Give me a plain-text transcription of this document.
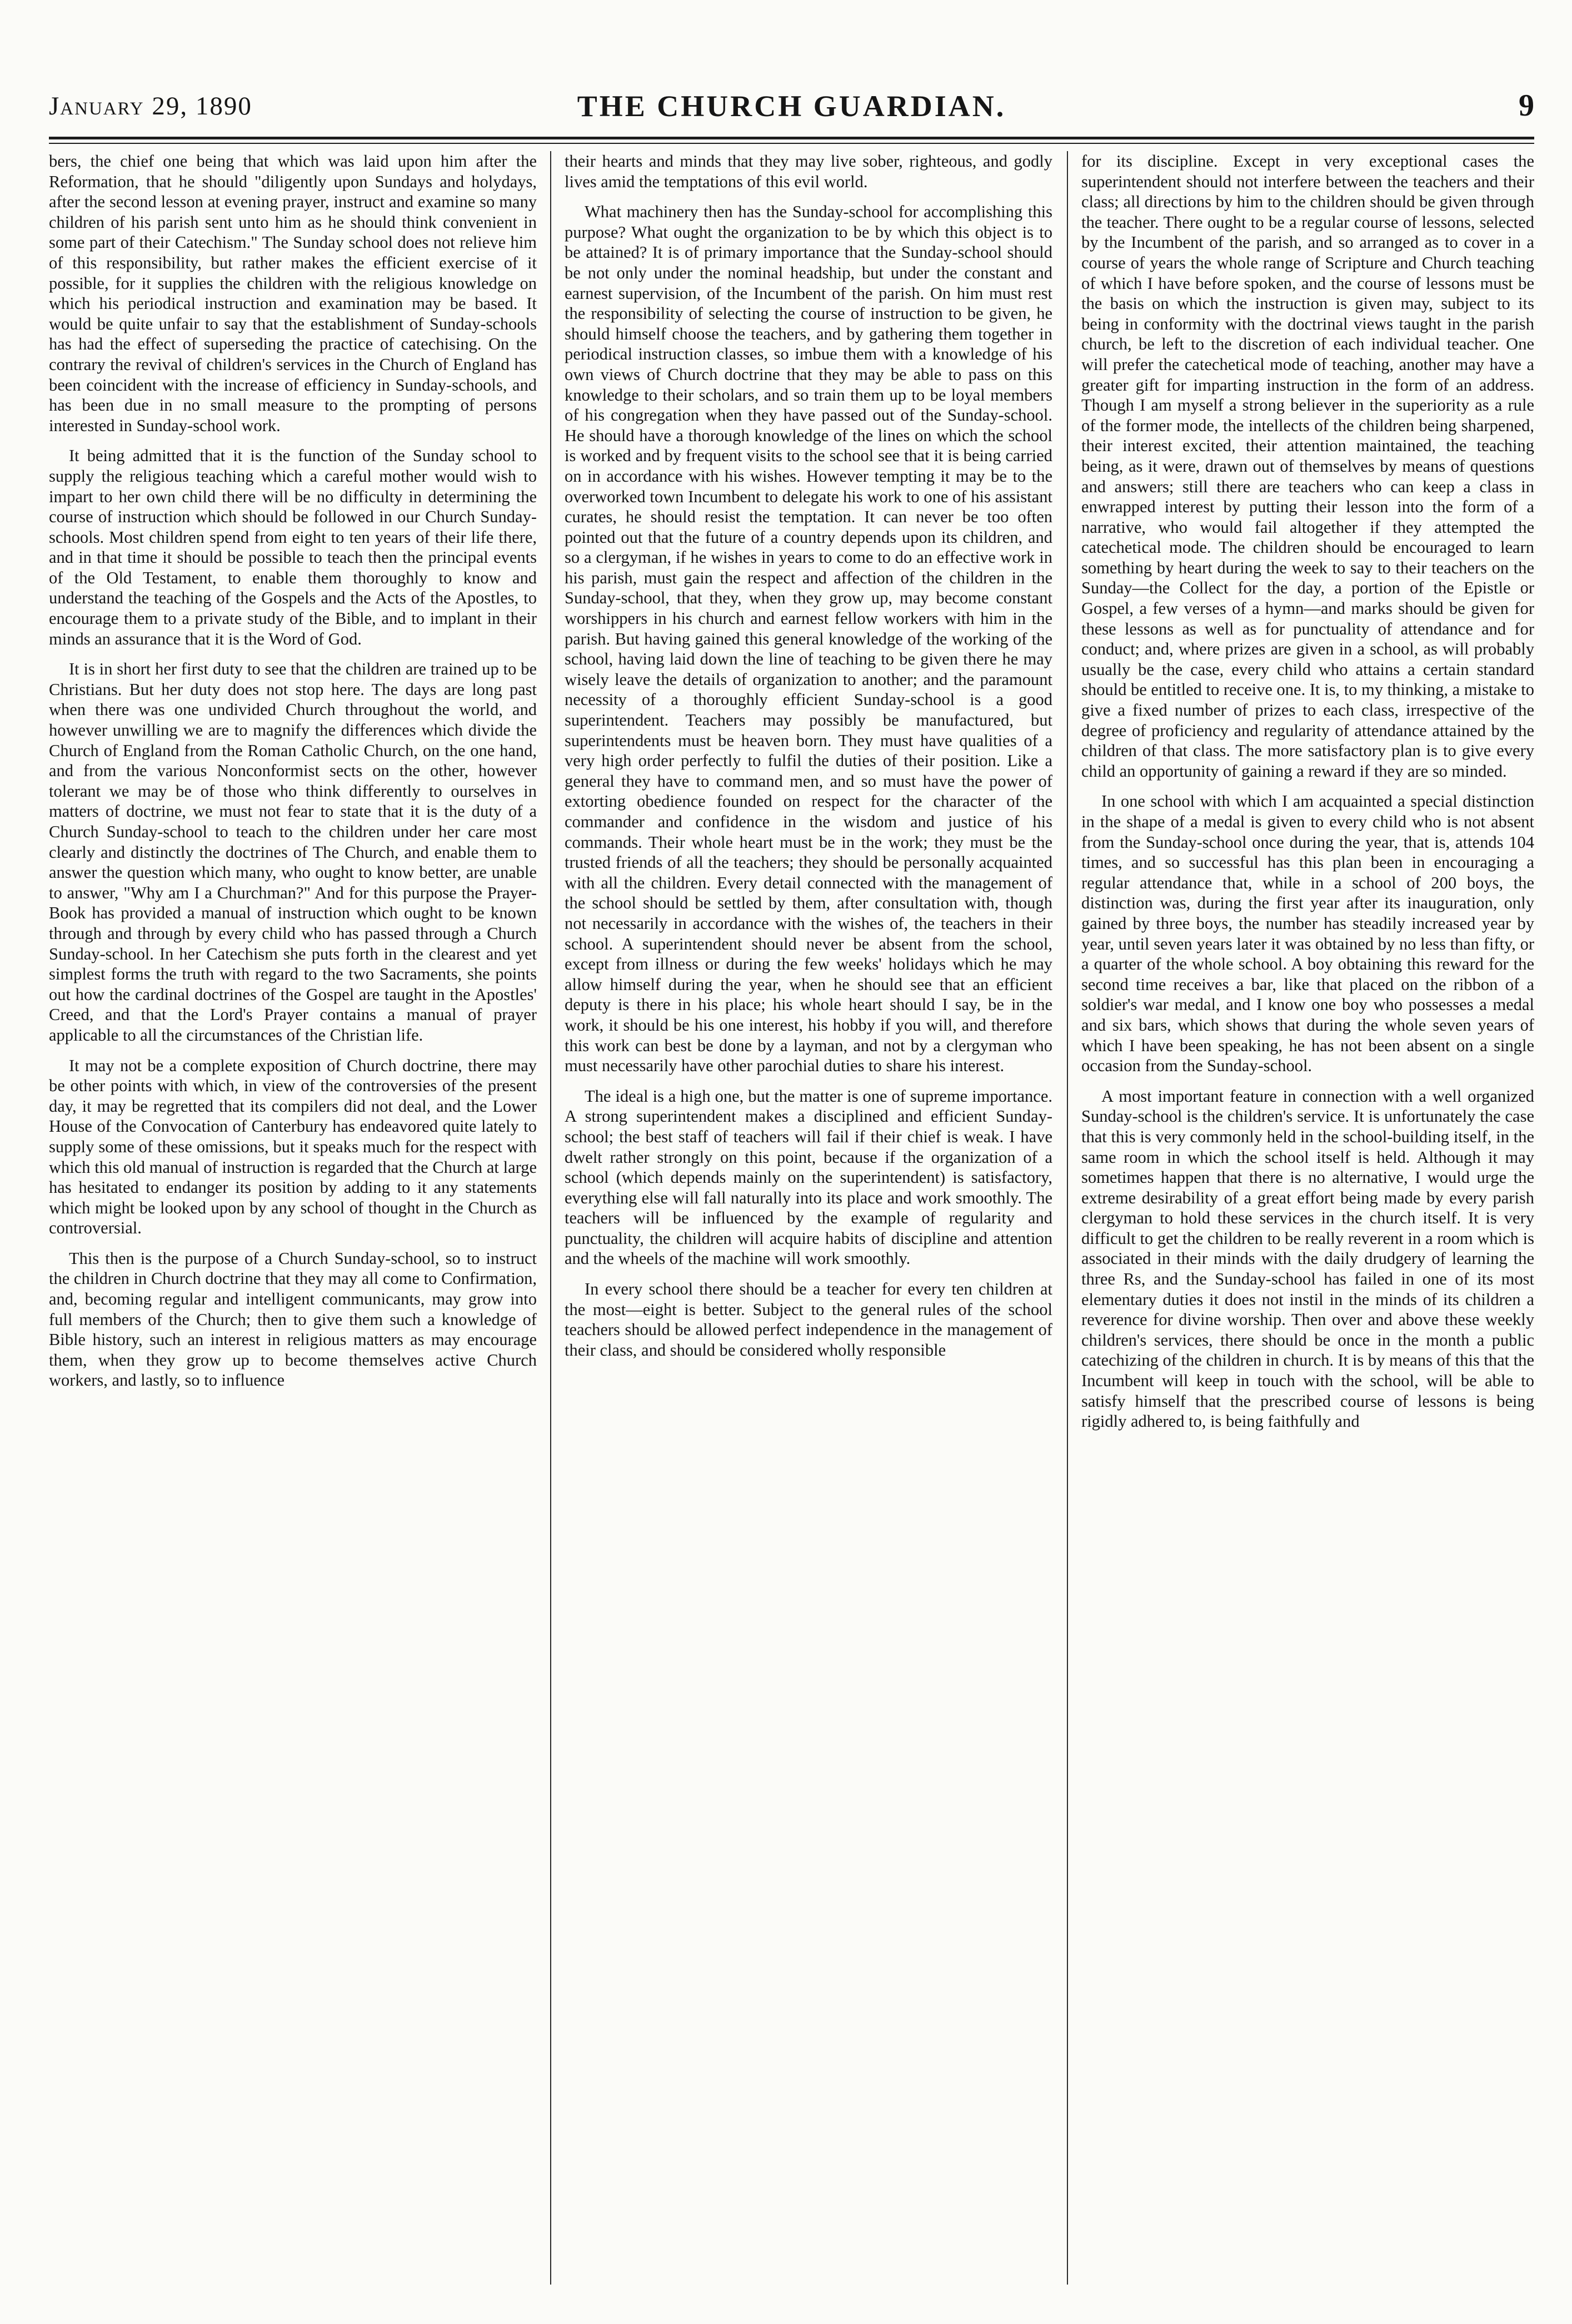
January 29, 1890	THE CHURCH GUARDIAN.	9

bers, the chief one being that which was laid upon him after the Reformation, that he should "diligently upon Sundays and holydays, after the second lesson at evening prayer, instruct and examine so many children of his parish sent unto him as he should think convenient in some part of their Catechism." The Sunday school does not relieve him of this responsibility, but rather makes the efficient exercise of it possible, for it supplies the children with the religious knowledge on which his periodical instruction and examination may be based. It would be quite unfair to say that the establishment of Sunday-schools has had the effect of superseding the practice of catechising. On the contrary the revival of children's services in the Church of England has been coincident with the increase of efficiency in Sunday-schools, and has been due in no small measure to the prompting of persons interested in Sunday-school work.

It being admitted that it is the function of the Sunday school to supply the religious teaching which a careful mother would wish to impart to her own child there will be no difficulty in determining the course of instruction which should be followed in our Church Sunday-schools. Most children spend from eight to ten years of their life there, and in that time it should be possible to teach then the principal events of the Old Testament, to enable them thoroughly to know and understand the teaching of the Gospels and the Acts of the Apostles, to encourage them to a private study of the Bible, and to implant in their minds an assurance that it is the Word of God.

It is in short her first duty to see that the children are trained up to be Christians. But her duty does not stop here. The days are long past when there was one undivided Church throughout the world, and however unwilling we are to magnify the differences which divide the Church of England from the Roman Catholic Church, on the one hand, and from the various Nonconformist sects on the other, however tolerant we may be of those who think differently to ourselves in matters of doctrine, we must not fear to state that it is the duty of a Church Sunday-school to teach to the children under her care most clearly and distinctly the doctrines of The Church, and enable them to answer the question which many, who ought to know better, are unable to answer, "Why am I a Churchman?" And for this purpose the Prayer-Book has provided a manual of instruction which ought to be known through and through by every child who has passed through a Church Sunday-school. In her Catechism she puts forth in the clearest and yet simplest forms the truth with regard to the two Sacraments, she points out how the cardinal doctrines of the Gospel are taught in the Apostles' Creed, and that the Lord's Prayer contains a manual of prayer applicable to all the circumstances of the Christian life.

It may not be a complete exposition of Church doctrine, there may be other points with which, in view of the controversies of the present day, it may be regretted that its compilers did not deal, and the Lower House of the Convocation of Canterbury has endeavored quite lately to supply some of these omissions, but it speaks much for the respect with which this old manual of instruction is regarded that the Church at large has hesitated to endanger its position by adding to it any statements which might be looked upon by any school of thought in the Church as controversial.

This then is the purpose of a Church Sunday-school, so to instruct the children in Church doctrine that they may all come to Confirmation, and, becoming regular and intelligent communicants, may grow into full members of the Church; then to give them such a knowledge of Bible history, such an interest in religious matters as may encourage them, when they grow up to become themselves active Church workers, and lastly, so to influence

their hearts and minds that they may live sober, righteous, and godly lives amid the temptations of this evil world.

What machinery then has the Sunday-school for accomplishing this purpose? What ought the organization to be by which this object is to be attained? It is of primary importance that the Sunday-school should be not only under the nominal headship, but under the constant and earnest supervision, of the Incumbent of the parish. On him must rest the responsibility of selecting the course of instruction to be given, he should himself choose the teachers, and by gathering them together in periodical instruction classes, so imbue them with a knowledge of his own views of Church doctrine that they may be able to pass on this knowledge to their scholars, and so train them up to be loyal members of his congregation when they have passed out of the Sunday-school. He should have a thorough knowledge of the lines on which the school is worked and by frequent visits to the school see that it is being carried on in accordance with his wishes. However tempting it may be to the overworked town Incumbent to delegate his work to one of his assistant curates, he should resist the temptation. It can never be too often pointed out that the future of a country depends upon its children, and so a clergyman, if he wishes in years to come to do an effective work in his parish, must gain the respect and affection of the children in the Sunday-school, that they, when they grow up, may become constant worshippers in his church and earnest fellow workers with him in the parish. But having gained this general knowledge of the working of the school, having laid down the line of teaching to be given there he may wisely leave the details of organization to another; and the paramount necessity of a thoroughly efficient Sunday-school is a good superintendent. Teachers may possibly be manufactured, but superintendents must be heaven born. They must have qualities of a very high order perfectly to fulfil the duties of their position. Like a general they have to command men, and so must have the power of extorting obedience founded on respect for the character of the commander and confidence in the wisdom and justice of his commands. Their whole heart must be in the work; they must be the trusted friends of all the teachers; they should be personally acquainted with all the children. Every detail connected with the management of the school should be settled by them, after consultation with, though not necessarily in accordance with the wishes of, the teachers in their school. A superintendent should never be absent from the school, except from illness or during the few weeks' holidays which he may allow himself during the year, when he should see that an efficient deputy is there in his place; his whole heart should I say, be in the work, it should be his one interest, his hobby if you will, and therefore this work can best be done by a layman, and not by a clergyman who must necessarily have other parochial duties to share his interest.

The ideal is a high one, but the matter is one of supreme importance. A strong superintendent makes a disciplined and efficient Sunday-school; the best staff of teachers will fail if their chief is weak. I have dwelt rather strongly on this point, because if the organization of a school (which depends mainly on the superintendent) is satisfactory, everything else will fall naturally into its place and work smoothly. The teachers will be influenced by the example of regularity and punctuality, the children will acquire habits of discipline and attention and the wheels of the machine will work smoothly.

In every school there should be a teacher for every ten children at the most—eight is better. Subject to the general rules of the school teachers should be allowed perfect independence in the management of their class, and should be considered wholly responsible

for its discipline. Except in very exceptional cases the superintendent should not interfere between the teachers and their class; all directions by him to the children should be given through the teacher. There ought to be a regular course of lessons, selected by the Incumbent of the parish, and so arranged as to cover in a course of years the whole range of Scripture and Church teaching of which I have before spoken, and the course of lessons must be the basis on which the instruction is given may, subject to its being in conformity with the doctrinal views taught in the parish church, be left to the discretion of each individual teacher. One will prefer the catechetical mode of teaching, another may have a greater gift for imparting instruction in the form of an address. Though I am myself a strong believer in the superiority as a rule of the former mode, the intellects of the children being sharpened, their interest excited, their attention maintained, the teaching being, as it were, drawn out of themselves by means of questions and answers; still there are teachers who can keep a class in enwrapped interest by putting their lesson into the form of a narrative, who would fail altogether if they attempted the catechetical mode. The children should be encouraged to learn something by heart during the week to say to their teachers on the Sunday—the Collect for the day, a portion of the Epistle or Gospel, a few verses of a hymn—and marks should be given for these lessons as well as for punctuality of attendance and for conduct; and, where prizes are given in a school, as will probably usually be the case, every child who attains a certain standard should be entitled to receive one. It is, to my thinking, a mistake to give a fixed number of prizes to each class, irrespective of the degree of proficiency and regularity of attendance attained by the children of that class. The more satisfactory plan is to give every child an opportunity of gaining a reward if they are so minded.

In one school with which I am acquainted a special distinction in the shape of a medal is given to every child who is not absent from the Sunday-school once during the year, that is, attends 104 times, and so successful has this plan been in encouraging a regular attendance that, while in a school of 200 boys, the distinction was, during the first year after its inauguration, only gained by three boys, the number has steadily increased year by year, until seven years later it was obtained by no less than fifty, or a quarter of the whole school. A boy obtaining this reward for the second time receives a bar, like that placed on the ribbon of a soldier's war medal, and I know one boy who possesses a medal and six bars, which shows that during the whole seven years of which I have been speaking, he has not been absent on a single occasion from the Sunday-school.

A most important feature in connection with a well organized Sunday-school is the children's service. It is unfortunately the case that this is very commonly held in the school-building itself, in the same room in which the school itself is held. Although it may sometimes happen that there is no alternative, I would urge the extreme desirability of a great effort being made by every parish clergyman to hold these services in the church itself. It is very difficult to get the children to be really reverent in a room which is associated in their minds with the daily drudgery of learning the three Rs, and the Sunday-school has failed in one of its most elementary duties it does not instil in the minds of its children a reverence for divine worship. Then over and above these weekly children's services, there should be once in the month a public catechizing of the children in church. It is by means of this that the Incumbent will keep in touch with the school, will be able to satisfy himself that the prescribed course of lessons is being rigidly adhered to, is being faithfully and
